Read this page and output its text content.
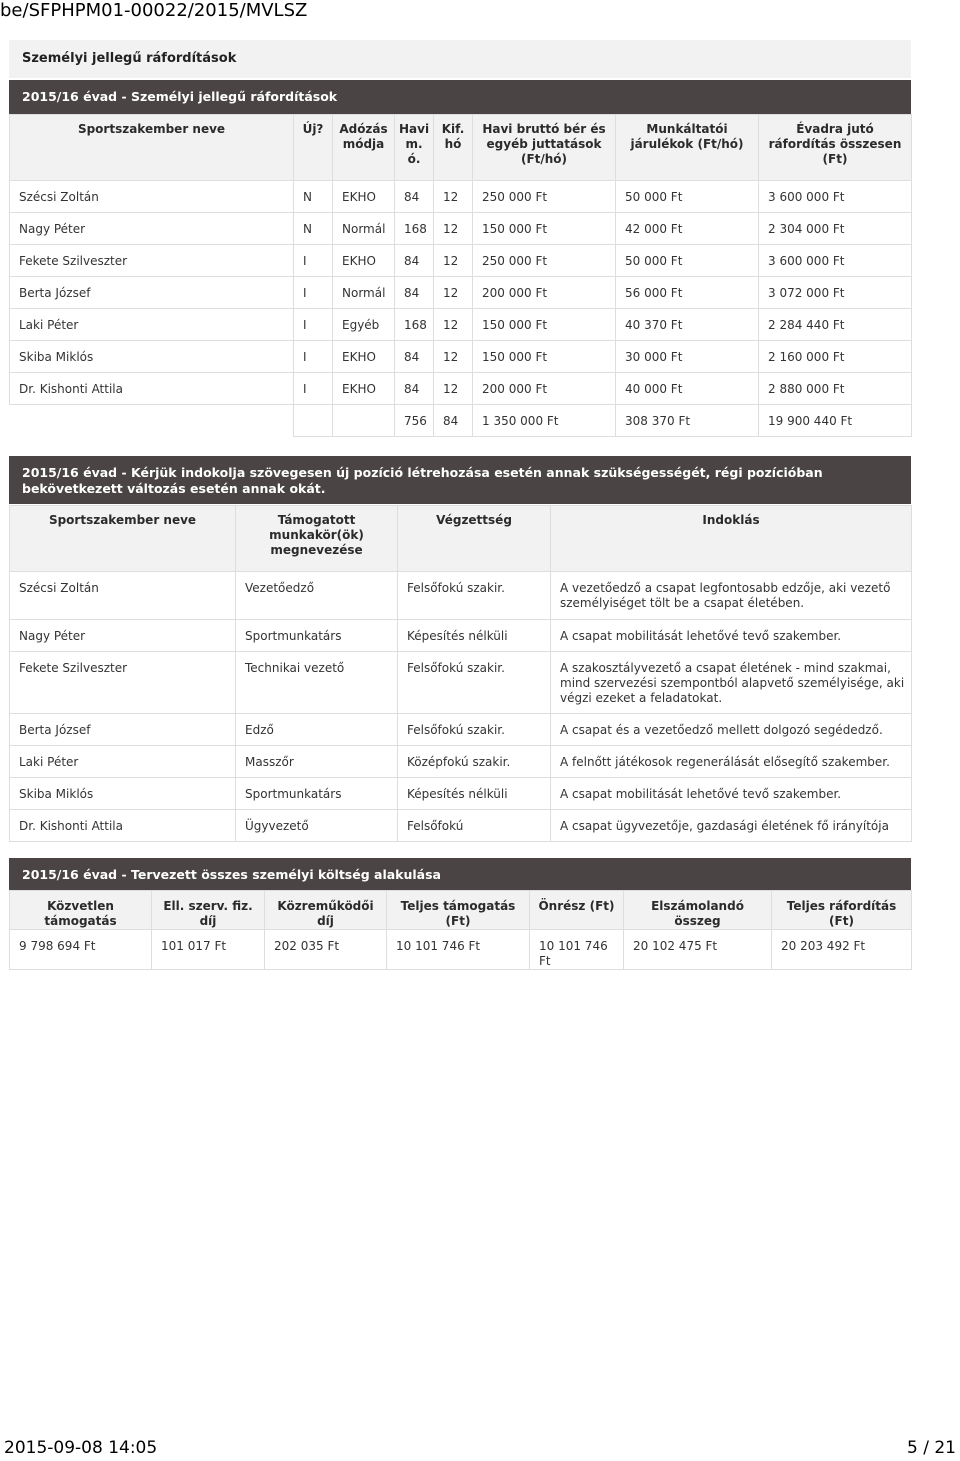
be/SFPHPM01-00022/2015/MVLSZ
Személyi jellegű ráfordítások
2015/16 évad - Személyi jellegű ráfordítások
Sportszakember neve	Új?	Adózás módja	Havi m. ó.	Kif. hó	Havi bruttó bér és egyéb juttatások (Ft/hó)	Munkáltatói járulékok (Ft/hó)	Évadra jutó ráfordítás összesen (Ft)
Szécsi Zoltán	N	EKHO	84	12	250 000 Ft	50 000 Ft	3 600 000 Ft
Nagy Péter	N	Normál	168	12	150 000 Ft	42 000 Ft	2 304 000 Ft
Fekete Szilveszter	I	EKHO	84	12	250 000 Ft	50 000 Ft	3 600 000 Ft
Berta József	I	Normál	84	12	200 000 Ft	56 000 Ft	3 072 000 Ft
Laki Péter	I	Egyéb	168	12	150 000 Ft	40 370 Ft	2 284 440 Ft
Skiba Miklós	I	EKHO	84	12	150 000 Ft	30 000 Ft	2 160 000 Ft
Dr. Kishonti Attila	I	EKHO	84	12	200 000 Ft	40 000 Ft	2 880 000 Ft
			756	84	1 350 000 Ft	308 370 Ft	19 900 440 Ft
2015/16 évad - Kérjük indokolja szövegesen új pozíció létrehozása esetén annak szükségességét, régi pozícióban bekövetkezett változás esetén annak okát.
Sportszakember neve	Támogatott munkakör(ök) megnevezése	Végzettség	Indoklás
Szécsi Zoltán	Vezetőedző	Felsőfokú szakir.	A vezetőedző a csapat legfontosabb edzője, aki vezető személyiséget tölt be a csapat életében.
Nagy Péter	Sportmunkatárs	Képesítés nélküli	A csapat mobilitását lehetővé tevő szakember.
Fekete Szilveszter	Technikai vezető	Felsőfokú szakir.	A szakosztályvezető a csapat életének - mind szakmai, mind szervezési szempontból alapvető személyisége, aki végzi ezeket a feladatokat.
Berta József	Edző	Felsőfokú szakir.	A csapat és a vezetőedző mellett dolgozó segédedző.
Laki Péter	Masszőr	Középfokú szakir.	A felnőtt játékosok regenerálását elősegítő szakember.
Skiba Miklós	Sportmunkatárs	Képesítés nélküli	A csapat mobilitását lehetővé tevő szakember.
Dr. Kishonti Attila	Ügyvezető	Felsőfokú	A csapat ügyvezetője, gazdasági életének fő irányítója
2015/16 évad - Tervezett összes személyi költség alakulása
Közvetlen támogatás	Ell. szerv. fiz. díj	Közreműködői díj	Teljes támogatás (Ft)	Önrész (Ft)	Elszámolandó összeg	Teljes ráfordítás (Ft)
9 798 694 Ft	101 017 Ft	202 035 Ft	10 101 746 Ft	10 101 746 Ft	20 102 475 Ft	20 203 492 Ft
2015-09-08 14:05	5 / 21
